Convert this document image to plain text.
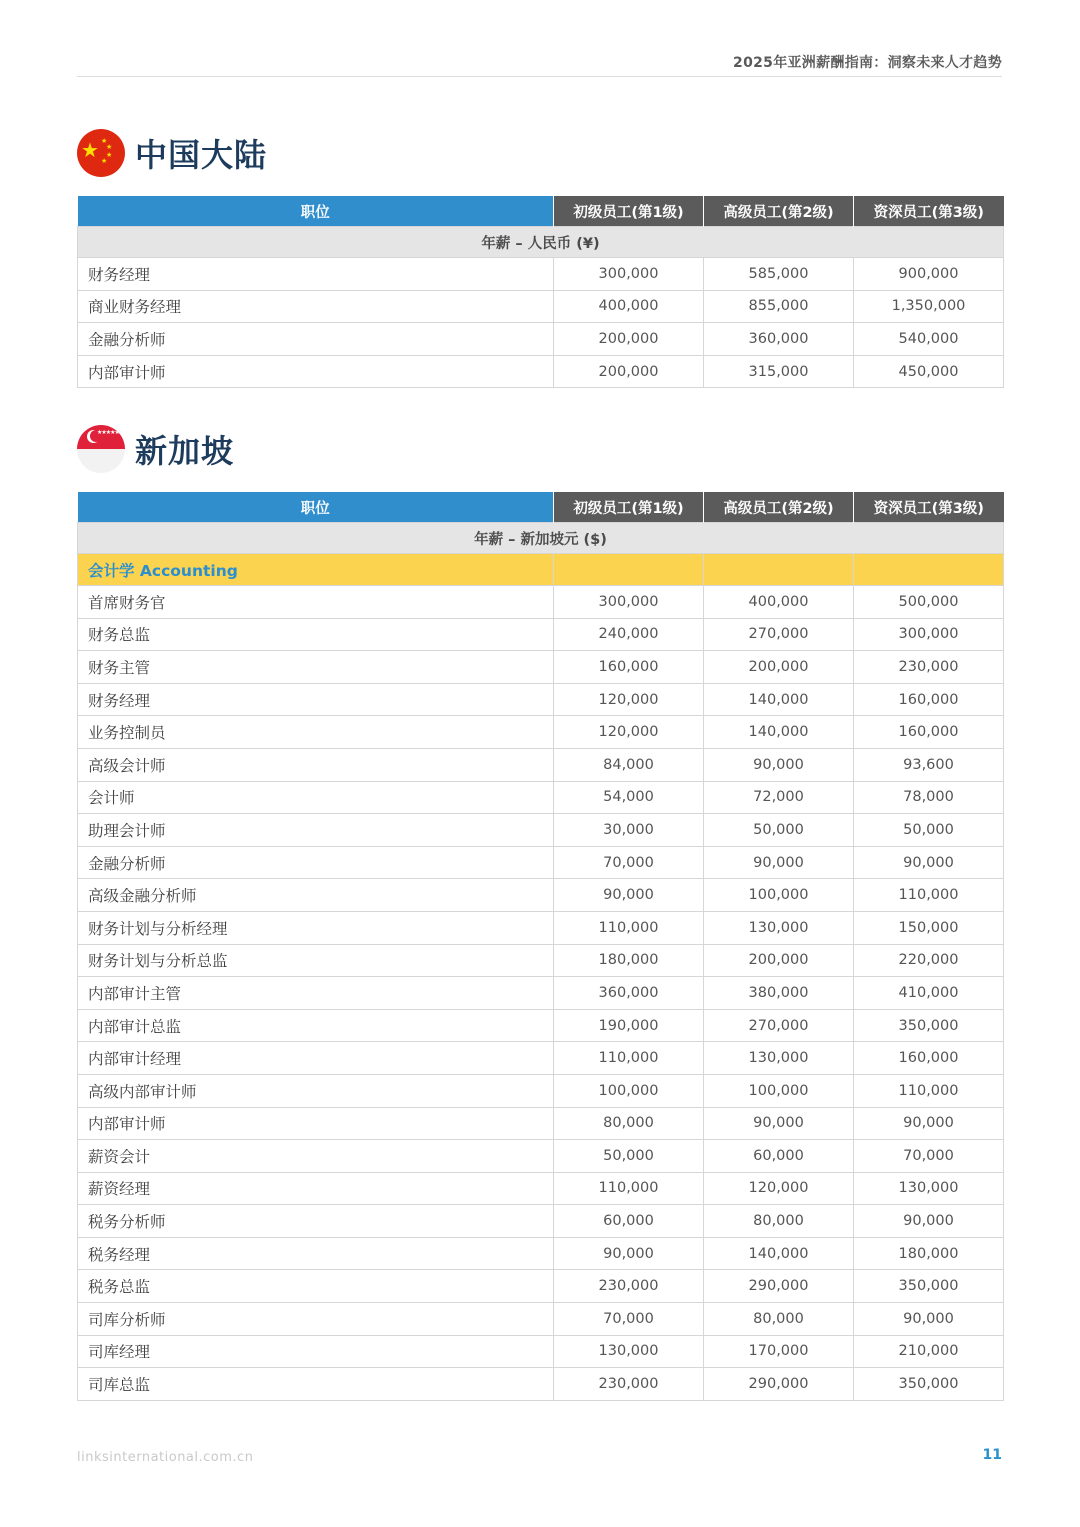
2025年亚洲薪酬指南：洞察未来人才趋势
★ ★
★
★
★ 中国大陆
职位	初级员工(第1级)	高级员工(第2级)	资深员工(第3级)
年薪 – 人民币 (¥)			
财务经理	300,000	585,000	900,000
商业财务经理	400,000	855,000	1,350,000
金融分析师	200,000	360,000	540,000
内部审计师	200,000	315,000	450,000
★★★★★ 新加坡
职位	初级员工(第1级)	高级员工(第2级)	资深员工(第3级)
年薪 – 新加坡元 ($)			
会计学 Accounting			
首席财务官	300,000	400,000	500,000
财务总监	240,000	270,000	300,000
财务主管	160,000	200,000	230,000
财务经理	120,000	140,000	160,000
业务控制员	120,000	140,000	160,000
高级会计师	84,000	90,000	93,600
会计师	54,000	72,000	78,000
助理会计师	30,000	50,000	50,000
金融分析师	70,000	90,000	90,000
高级金融分析师	90,000	100,000	110,000
财务计划与分析经理	110,000	130,000	150,000
财务计划与分析总监	180,000	200,000	220,000
内部审计主管	360,000	380,000	410,000
内部审计总监	190,000	270,000	350,000
内部审计经理	110,000	130,000	160,000
高级内部审计师	100,000	100,000	110,000
内部审计师	80,000	90,000	90,000
薪资会计	50,000	60,000	70,000
薪资经理	110,000	120,000	130,000
税务分析师	60,000	80,000	90,000
税务经理	90,000	140,000	180,000
税务总监	230,000	290,000	350,000
司库分析师	70,000	80,000	90,000
司库经理	130,000	170,000	210,000
司库总监	230,000	290,000	350,000
linksinternational.com.cn	11
